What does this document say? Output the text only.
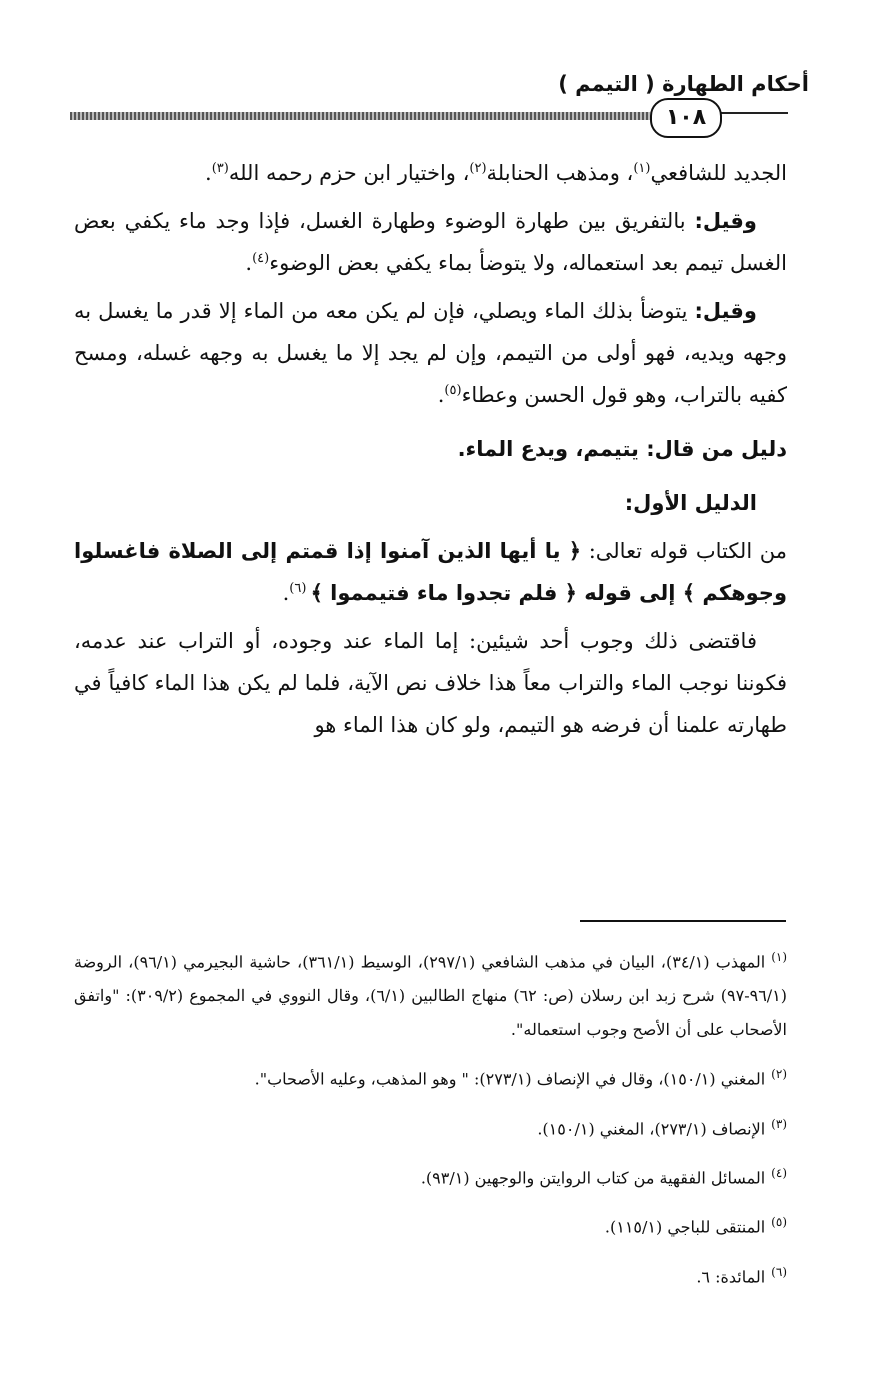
أحكام الطهارة ( التيمم )
١٠٨

الجديد للشافعي$^{(١)}$، ومذهب الحنابلة$^{(٢)}$، واختيار ابن حزم رحمه الله$^{(٣)}$.

وقيل: بالتفريق بين طهارة الوضوء وطهارة الغسل، فإذا وجد ماء يكفي بعض الغسل تيمم بعد استعماله، ولا يتوضأ بماء يكفي بعض الوضوء$^{(٤)}$.

وقيل: يتوضأ بذلك الماء ويصلي، فإن لم يكن معه من الماء إلا قدر ما يغسل به وجهه ويديه، فهو أولى من التيمم، وإن لم يجد إلا ما يغسل به وجهه غسله، ومسح كفيه بالتراب، وهو قول الحسن وعطاء$^{(٥)}$.

دليل من قال: يتيمم، ويدع الماء.

الدليل الأول:

من الكتاب قوله تعالى: ﴿ يا أيها الذين آمنوا إذا قمتم إلى الصلاة فاغسلوا وجوهكم ﴾ إلى قوله ﴿ فلم تجدوا ماء فتيمموا ﴾ $^{(٦)}$.

فاقتضى ذلك وجوب أحد شيئين: إما الماء عند وجوده، أو التراب عند عدمه، فكوننا نوجب الماء والتراب معاً هذا خلاف نص الآية، فلما لم يكن هذا الماء كافياً في طهارته علمنا أن فرضه هو التيمم، ولو كان هذا الماء هو

$^{(١)}$المهذب (٣٤/١)، البيان في مذهب الشافعي (٢٩٧/١)، الوسيط (٣٦١/١)، حاشية البجيرمي (٩٦/١)، الروضة (٩٦/١-٩٧) شرح زبد ابن رسلان (ص: ٦٢) منهاج الطالبين (٦/١)، وقال النووي في المجموع (٣٠٩/٢): "واتفق الأصحاب على أن الأصح وجوب استعماله".

$^{(٢)}$المغني (١٥٠/١)، وقال في الإنصاف (٢٧٣/١): " وهو المذهب، وعليه الأصحاب".

$^{(٣)}$الإنصاف (٢٧٣/١)، المغني (١٥٠/١).

$^{(٤)}$المسائل الفقهية من كتاب الروايتن والوجهين (٩٣/١).

$^{(٥)}$المنتقى للباجي (١١٥/١).

$^{(٦)}$المائدة: ٦.
